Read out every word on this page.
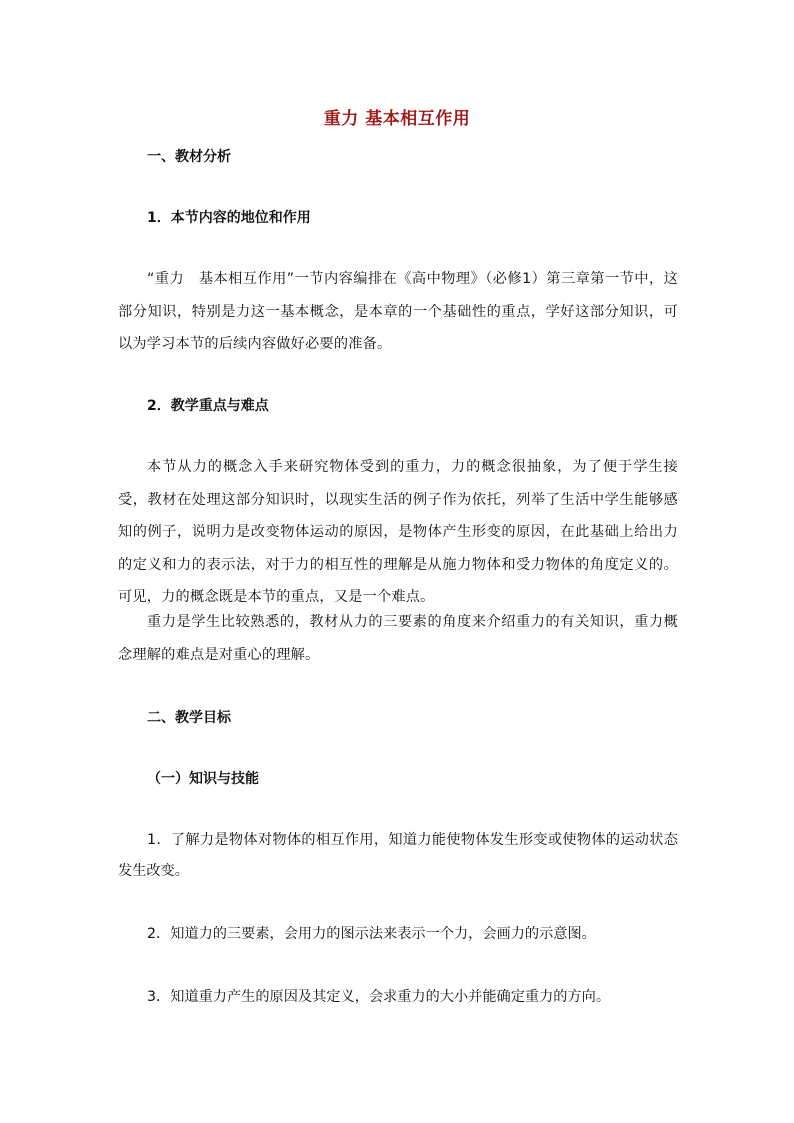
重力 基本相互作用
一、教材分析
1．本节内容的地位和作用
“重力　基本相互作用”一节内容编排在《高中物理》（必修1）第三章第一节中，这部分知识，特别是力这一基本概念，是本章的一个基础性的重点，学好这部分知识，可以为学习本节的后续内容做好必要的准备。
2．教学重点与难点
本节从力的概念入手来研究物体受到的重力，力的概念很抽象，为了便于学生接受，教材在处理这部分知识时，以现实生活的例子作为依托，列举了生活中学生能够感知的例子，说明力是改变物体运动的原因，是物体产生形变的原因，在此基础上给出力的定义和力的表示法，对于力的相互性的理解是从施力物体和受力物体的角度定义的。可见，力的概念既是本节的重点，又是一个难点。
重力是学生比较熟悉的，教材从力的三要素的角度来介绍重力的有关知识，重力概念理解的难点是对重心的理解。
二、教学目标
（一）知识与技能
1．了解力是物体对物体的相互作用，知道力能使物体发生形变或使物体的运动状态发生改变。
2．知道力的三要素，会用力的图示法来表示一个力，会画力的示意图。
3．知道重力产生的原因及其定义，会求重力的大小并能确定重力的方向。
